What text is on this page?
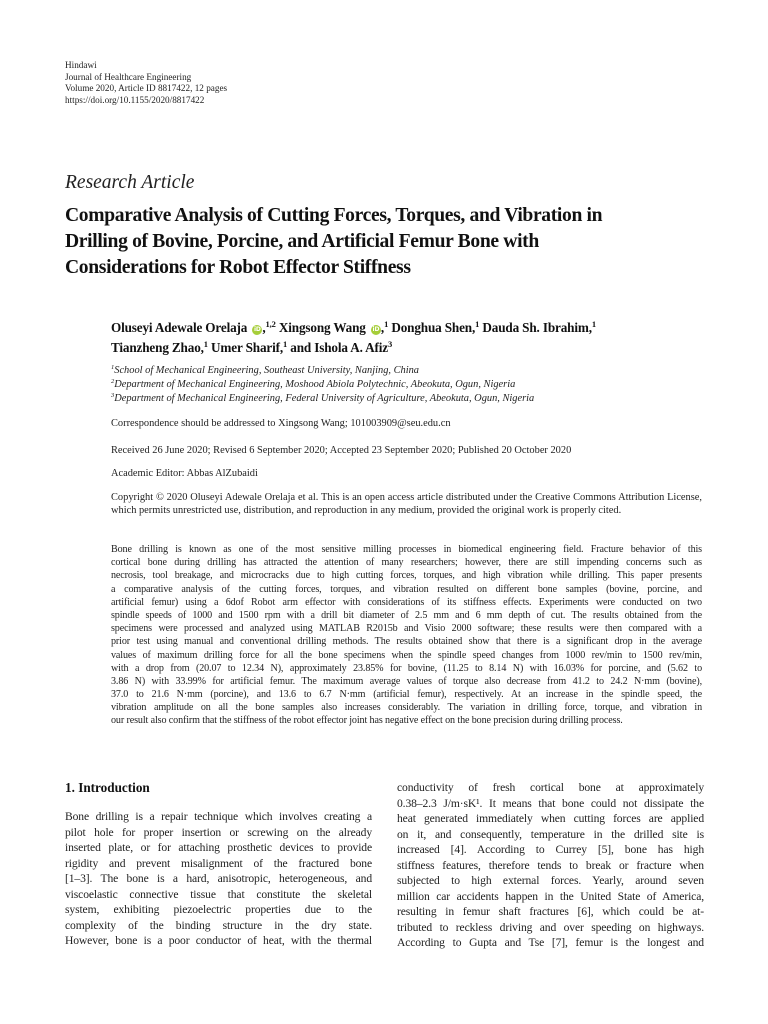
Hindawi
Journal of Healthcare Engineering
Volume 2020, Article ID 8817422, 12 pages
https://doi.org/10.1155/2020/8817422
Research Article
Comparative Analysis of Cutting Forces, Torques, and Vibration in
Drilling of Bovine, Porcine, and Artificial Femur Bone with
Considerations for Robot Effector Stiffness
Oluseyi Adewale Orelaja iD ,$^{1,2}$ Xingsong Wang iD ,$^1$ Donghua Shen,$^1$ Dauda Sh. Ibrahim,$^1$
Tianzheng Zhao,$^1$ Umer Sharif,$^1$ and Ishola A. Afiz$^3$
$^1$School of Mechanical Engineering, Southeast University, Nanjing, China
$^2$Department of Mechanical Engineering, Moshood Abiola Polytechnic, Abeokuta, Ogun, Nigeria
$^3$Department of Mechanical Engineering, Federal University of Agriculture, Abeokuta, Ogun, Nigeria
Correspondence should be addressed to Xingsong Wang; 101003909@seu.edu.cn
Received 26 June 2020; Revised 6 September 2020; Accepted 23 September 2020; Published 20 October 2020
Academic Editor: Abbas AlZubaidi
Copyright © 2020 Oluseyi Adewale Orelaja et al. This is an open access article distributed under the Creative Commons Attribution License, which permits unrestricted use, distribution, and reproduction in any medium, provided the original work is properly cited.
Bone drilling is known as one of the most sensitive milling processes in biomedical engineering field. Fracture behavior of this
cortical bone during drilling has attracted the attention of many researchers; however, there are still impending concerns such as
necrosis, tool breakage, and microcracks due to high cutting forces, torques, and high vibration while drilling. This paper presents
a comparative analysis of the cutting forces, torques, and vibration resulted on different bone samples (bovine, porcine, and
artificial femur) using a 6dof Robot arm effector with considerations of its stiffness effects. Experiments were conducted on two
spindle speeds of 1000 and 1500 rpm with a drill bit diameter of 2.5 mm and 6 mm depth of cut. The results obtained from the
specimens were processed and analyzed using MATLAB R2015b and Visio 2000 software; these results were then compared with a
prior test using manual and conventional drilling methods. The results obtained show that there is a significant drop in the average
values of maximum drilling force for all the bone specimens when the spindle speed changes from 1000 rev/min to 1500 rev/min,
with a drop from (20.07 to 12.34 N), approximately 23.85% for bovine, (11.25 to 8.14 N) with 16.03% for porcine, and (5.62 to
3.86 N) with 33.99% for artificial femur. The maximum average values of torque also decrease from 41.2 to 24.2 N·mm (bovine),
37.0 to 21.6 N·mm (porcine), and 13.6 to 6.7 N·mm (artificial femur), respectively. At an increase in the spindle speed, the
vibration amplitude on all the bone samples also increases considerably. The variation in drilling force, torque, and vibration in
our result also confirm that the stiffness of the robot effector joint has negative effect on the bone precision during drilling process.
1. Introduction
Bone drilling is a repair technique which involves creating a
pilot hole for proper insertion or screwing on the already
inserted plate, or for attaching prosthetic devices to provide
rigidity and prevent misalignment of the fractured bone
[1–3]. The bone is a hard, anisotropic, heterogeneous, and
viscoelastic connective tissue that constitute the skeletal
system, exhibiting piezoelectric properties due to the
complexity of the binding structure in the dry state.
However, bone is a poor conductor of heat, with the thermal
conductivity of fresh cortical bone at approximately
0.38–2.3 J/m·sK¹. It means that bone could not dissipate the
heat generated immediately when cutting forces are applied
on it, and consequently, temperature in the drilled site is
increased [4]. According to Currey [5], bone has high
stiffness features, therefore tends to break or fracture when
subjected to high external forces. Yearly, around seven
million car accidents happen in the United State of America,
resulting in femur shaft fractures [6], which could be at-
tributed to reckless driving and over speeding on highways.
According to Gupta and Tse [7], femur is the longest and
